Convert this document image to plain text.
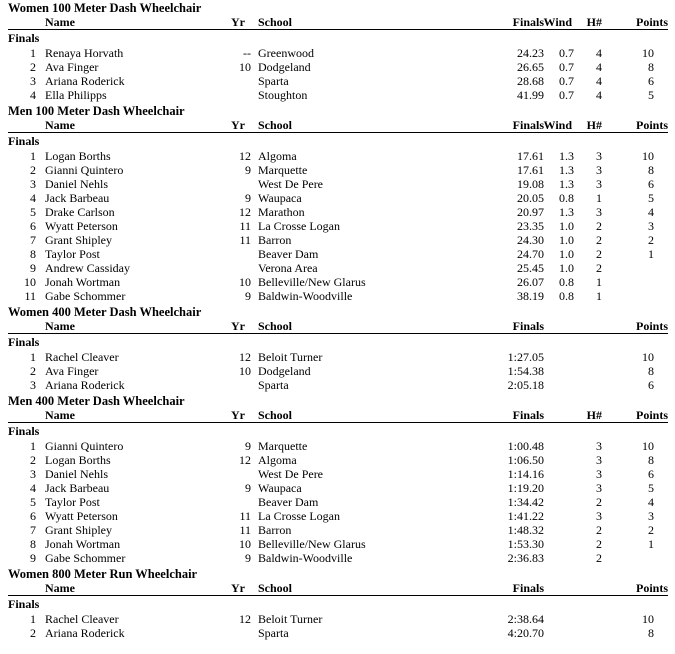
Women 100 Meter Dash Wheelchair
Name	Yr School	Finals Wind	H#	Points
Finals
1 Renaya Horvath	-- Greenwood	24.23	0.7	4	10
2 Ava Finger	10 Dodgeland	26.65	0.7	4	8
3 Ariana Roderick	Sparta	28.68	0.7	4	6
4 Ella Philipps	Stoughton	41.99	0.7	4	5
Men 100 Meter Dash Wheelchair
Name	Yr School	Finals Wind	H#	Points
Finals
1 Logan Borths	12 Algoma	17.61	1.3	3	10
2 Gianni Quintero	9 Marquette	17.61	1.3	3	8
3 Daniel Nehls	West De Pere	19.08	1.3	3	6
4 Jack Barbeau	9 Waupaca	20.05	0.8	1	5
5 Drake Carlson	12 Marathon	20.97	1.3	3	4
6 Wyatt Peterson	11 La Crosse Logan	23.35	1.0	2	3
7 Grant Shipley	11 Barron	24.30	1.0	2	2
8 Taylor Post	Beaver Dam	24.70	1.0	2	1
9 Andrew Cassiday	Verona Area	25.45	1.0	2
10 Jonah Wortman	10 Belleville/New Glarus	26.07	0.8	1
11 Gabe Schommer	9 Baldwin-Woodville	38.19	0.8	1
Women 400 Meter Dash Wheelchair
Name	Yr School	Finals	Points
Finals
1 Rachel Cleaver	12 Beloit Turner	1:27.05	10
2 Ava Finger	10 Dodgeland	1:54.38	8
3 Ariana Roderick	Sparta	2:05.18	6
Men 400 Meter Dash Wheelchair
Name	Yr School	Finals	H#	Points
Finals
1 Gianni Quintero	9 Marquette	1:00.48	3	10
2 Logan Borths	12 Algoma	1:06.50	3	8
3 Daniel Nehls	West De Pere	1:14.16	3	6
4 Jack Barbeau	9 Waupaca	1:19.20	3	5
5 Taylor Post	Beaver Dam	1:34.42	2	4
6 Wyatt Peterson	11 La Crosse Logan	1:41.22	3	3
7 Grant Shipley	11 Barron	1:48.32	2	2
8 Jonah Wortman	10 Belleville/New Glarus	1:53.30	2	1
9 Gabe Schommer	9 Baldwin-Woodville	2:36.83	2
Women 800 Meter Run Wheelchair
Name	Yr School	Finals	Points
Finals
1 Rachel Cleaver	12 Beloit Turner	2:38.64	10
2 Ariana Roderick	Sparta	4:20.70	8
